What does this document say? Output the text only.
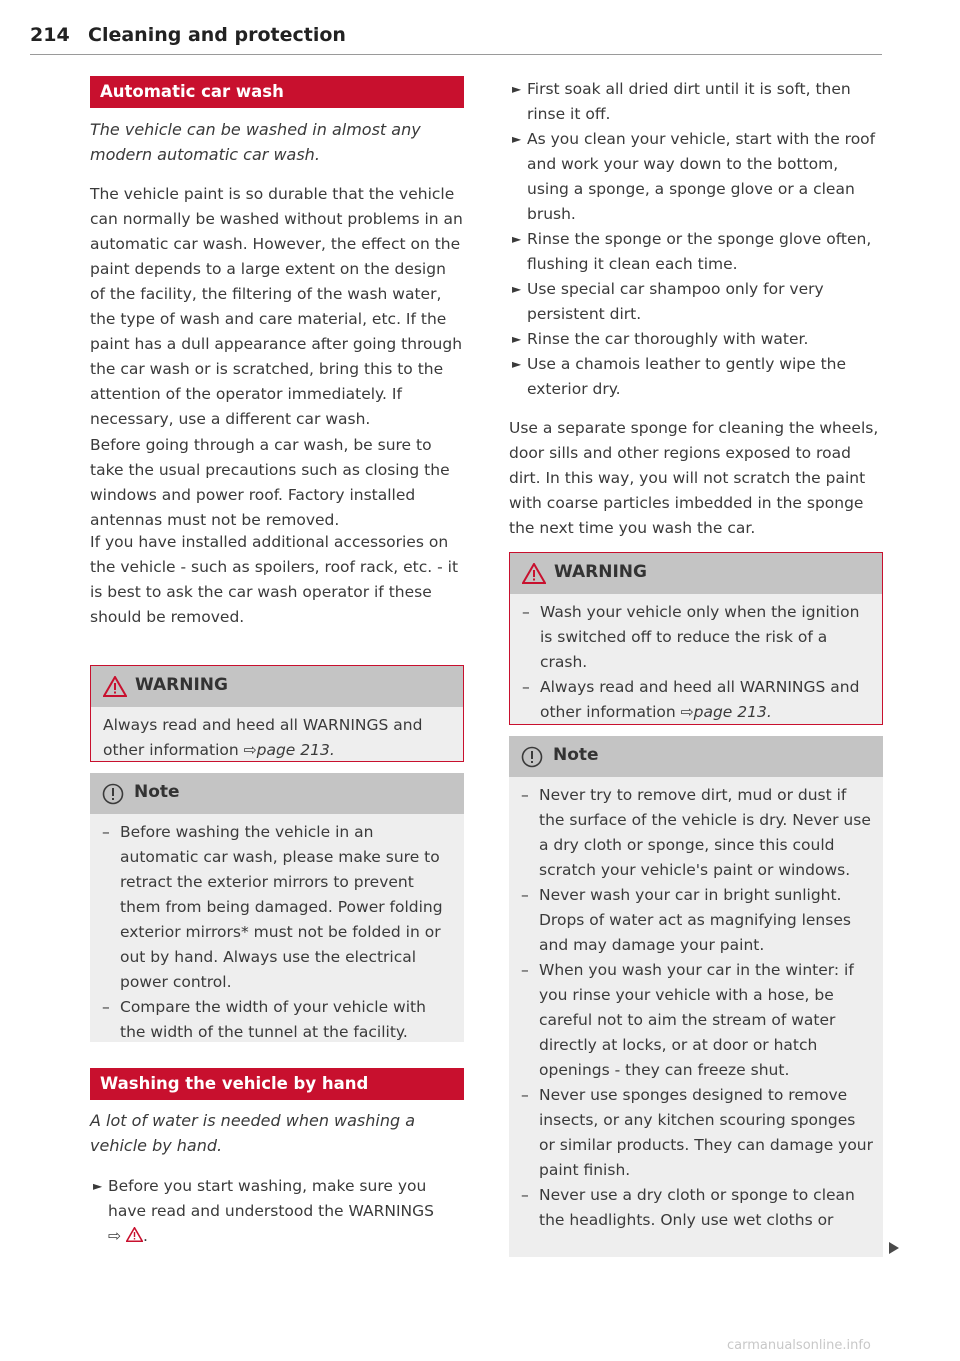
214 Cleaning and protection
Automatic car wash
The vehicle can be washed in almost any modern automatic car wash.
The vehicle paint is so durable that the vehicle can normally be washed without problems in an automatic car wash. However, the effect on the paint depends to a large extent on the design of the facility, the filtering of the wash water, the type of wash and care material, etc. If the paint has a dull appearance after going through the car wash or is scratched, bring this to the attention of the operator immediately. If necessary, use a different car wash.
Before going through a car wash, be sure to take the usual precautions such as closing the windows and power roof. Factory installed antennas must not be removed.
If you have installed additional accessories on the vehicle - such as spoilers, roof rack, etc. - it is best to ask the car wash operator if these should be removed.
WARNING
Always read and heed all WARNINGS and other information ⇨page 213.
Note
– Before washing the vehicle in an automatic car wash, please make sure to retract the exterior mirrors to prevent them from being damaged. Power folding exterior mirrors* must not be folded in or out by hand. Always use the electrical power control.
– Compare the width of your vehicle with the width of the tunnel at the facility.
Washing the vehicle by hand
A lot of water is needed when washing a vehicle by hand.
► Before you start washing, make sure you have read and understood the WARNINGS
⇨ .
► First soak all dried dirt until it is soft, then rinse it off.
► As you clean your vehicle, start with the roof and work your way down to the bottom, using a sponge, a sponge glove or a clean brush.
► Rinse the sponge or the sponge glove often, flushing it clean each time.
► Use special car shampoo only for very persistent dirt.
► Rinse the car thoroughly with water.
► Use a chamois leather to gently wipe the exterior dry.
Use a separate sponge for cleaning the wheels, door sills and other regions exposed to road dirt. In this way, you will not scratch the paint with coarse particles imbedded in the sponge the next time you wash the car.
WARNING
– Wash your vehicle only when the ignition is switched off to reduce the risk of a crash.
– Always read and heed all WARNINGS and other information ⇨page 213.
Note
– Never try to remove dirt, mud or dust if the surface of the vehicle is dry. Never use a dry cloth or sponge, since this could scratch your vehicle's paint or windows.
– Never wash your car in bright sunlight. Drops of water act as magnifying lenses and may damage your paint.
– When you wash your car in the winter: if you rinse your vehicle with a hose, be careful not to aim the stream of water directly at locks, or at door or hatch openings - they can freeze shut.
– Never use sponges designed to remove insects, or any kitchen scouring sponges or similar products. They can damage your paint finish.
– Never use a dry cloth or sponge to clean the headlights. Only use wet cloths or
carmanualsonline.info
